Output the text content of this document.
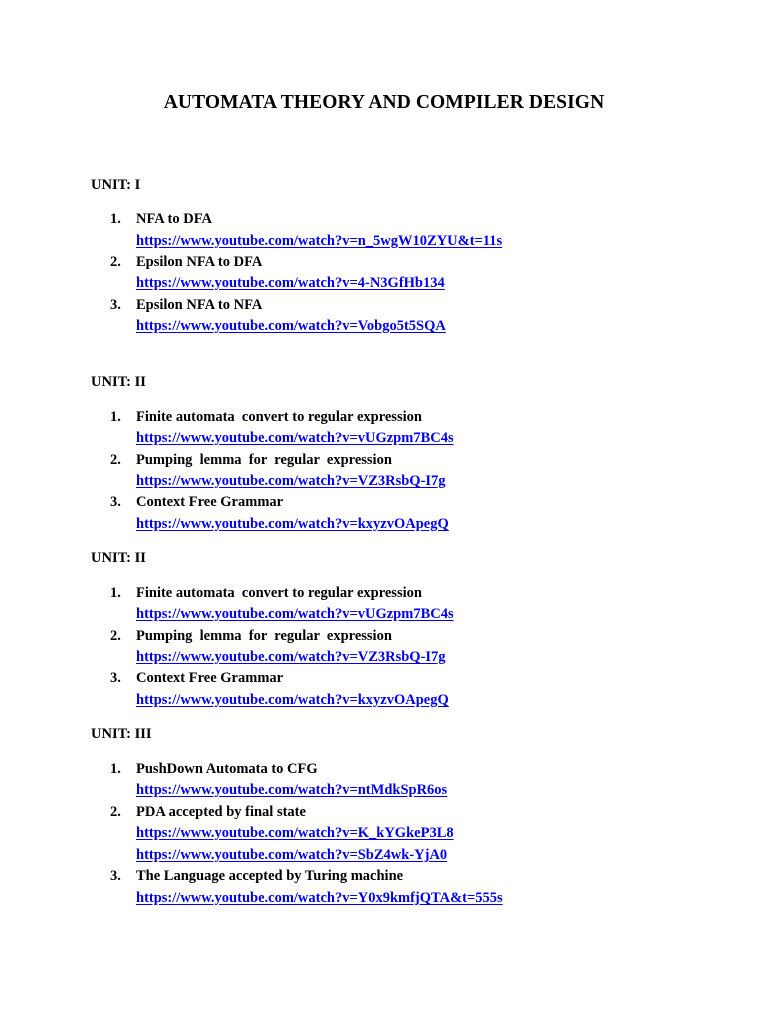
AUTOMATA THEORY AND COMPILER DESIGN
UNIT: I
1. NFA to DFA
https://www.youtube.com/watch?v=n_5wgW10ZYU&t=11s
2. Epsilon NFA to DFA
https://www.youtube.com/watch?v=4-N3GfHb134
3. Epsilon NFA to NFA
https://www.youtube.com/watch?v=Vobgo5t5SQA
UNIT: II
1. Finite automata  convert to regular expression
https://www.youtube.com/watch?v=vUGzpm7BC4s
2. Pumping  lemma  for  regular  expression
https://www.youtube.com/watch?v=VZ3RsbQ-I7g
3. Context Free Grammar
https://www.youtube.com/watch?v=kxyzvOApegQ
UNIT: II
1. Finite automata  convert to regular expression
https://www.youtube.com/watch?v=vUGzpm7BC4s
2. Pumping  lemma  for  regular  expression
https://www.youtube.com/watch?v=VZ3RsbQ-I7g
3. Context Free Grammar
https://www.youtube.com/watch?v=kxyzvOApegQ
UNIT: III
1. PushDown Automata to CFG
https://www.youtube.com/watch?v=ntMdkSpR6os
2. PDA accepted by final state
https://www.youtube.com/watch?v=K_kYGkeP3L8
https://www.youtube.com/watch?v=SbZ4wk-YjA0
3. The Language accepted by Turing machine
https://www.youtube.com/watch?v=Y0x9kmfjQTA&t=555s
